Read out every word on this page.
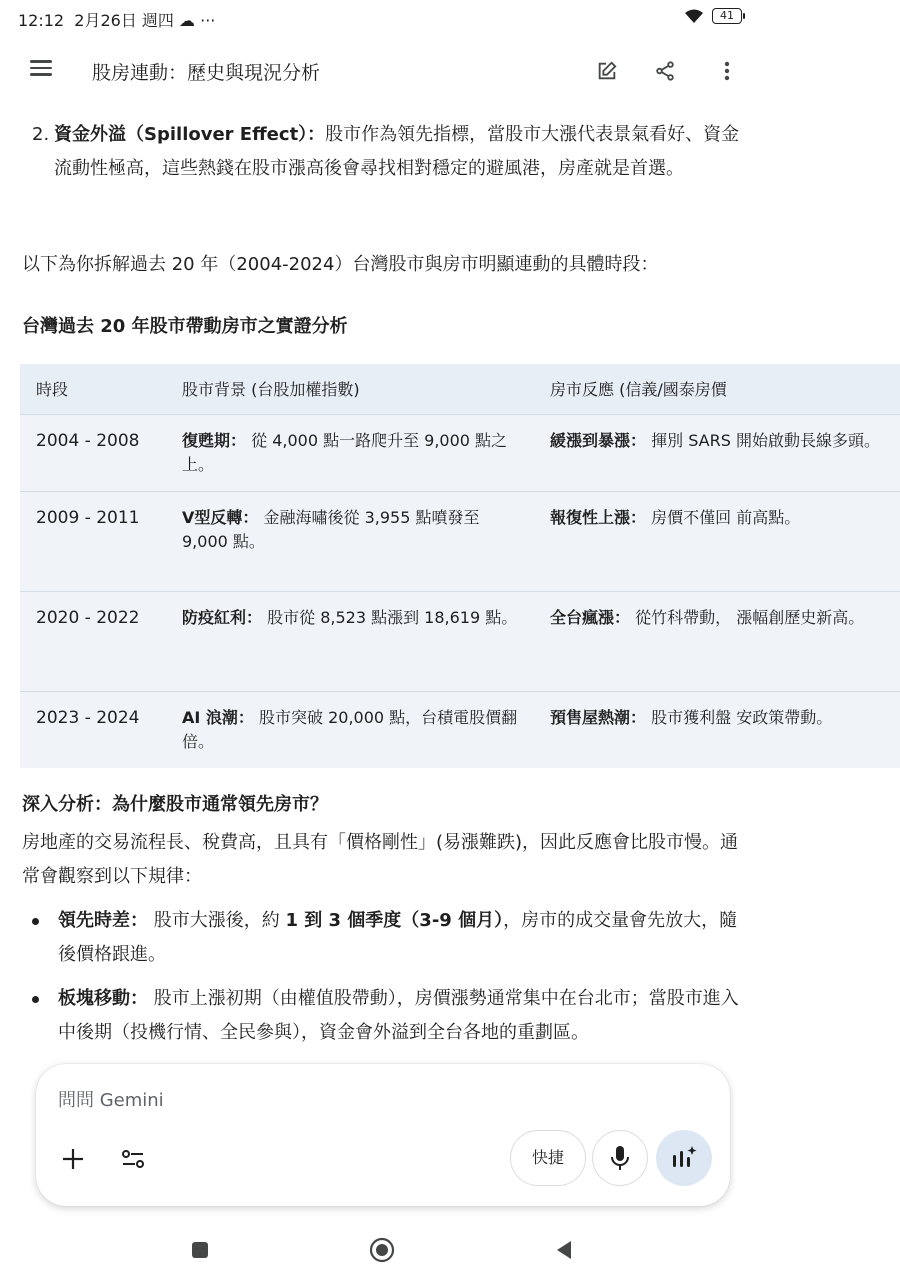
12:12 2月26日 週四 ☁ ···	41
股房連動：歷史與現況分析
2. 資金外溢（Spillover Effect）：股市作為領先指標，當股市大漲代表景氣看好、資金流動性極高，這些熱錢在股市漲高後會尋找相對穩定的避風港，房產就是首選。
以下為你拆解過去 20 年（2004-2024）台灣股市與房市明顯連動的具體時段：
台灣過去 20 年股市帶動房市之實證分析
時段	股市背景 (台股加權指數)	房市反應 (信義/國泰房價
2004 - 2008	復甦期： 從 4,000 點一路爬升至 9,000 點之上。	緩漲到暴漲： 揮別 SARS 開始啟動長線多頭。
2009 - 2011	V型反轉： 金融海嘯後從 3,955 點噴發至 9,000 點。	報復性上漲： 房價不僅回 前高點。
2020 - 2022	防疫紅利： 股市從 8,523 點漲到 18,619 點。	全台瘋漲： 從竹科帶動， 漲幅創歷史新高。
2023 - 2024	AI 浪潮： 股市突破 20,000 點，台積電股價翻倍。	預售屋熱潮： 股市獲利盤 安政策帶動。
深入分析：為什麼股市通常領先房市？
房地產的交易流程長、稅費高，且具有「價格剛性」(易漲難跌)，因此反應會比股市慢。通常會觀察到以下規律：
領先時差： 股市大漲後，約 1 到 3 個季度（3-9 個月），房市的成交量會先放大，隨後價格跟進。
板塊移動： 股市上漲初期（由權值股帶動），房價漲勢通常集中在台北市；當股市進入中後期（投機行情、全民參與），資金會外溢到全台各地的重劃區。
問問 Gemini
快捷
